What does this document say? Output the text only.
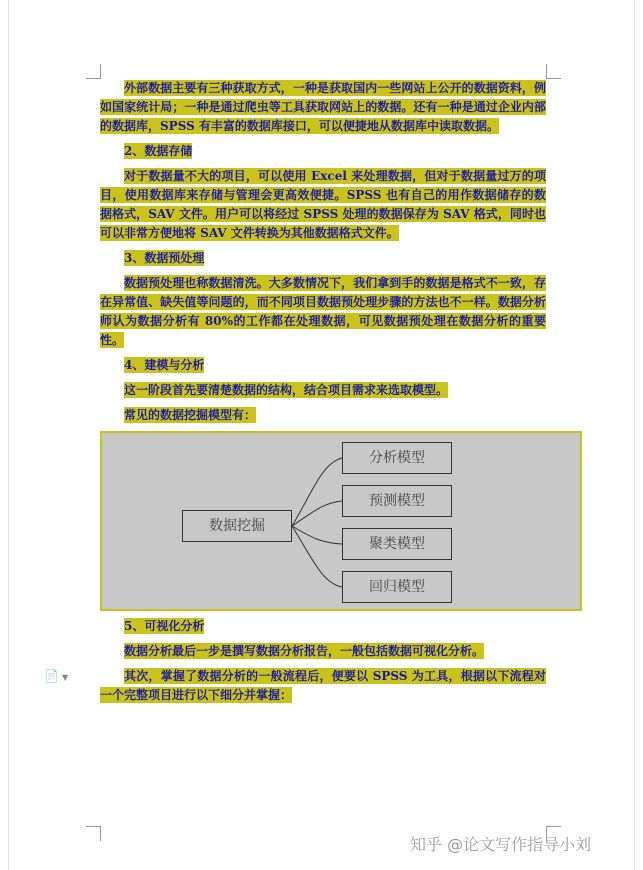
外部数据主要有三种获取方式，一种是获取国内一些网站上公开的数据资料，例如国家统计局；一种是通过爬虫等工具获取网站上的数据。还有一种是通过企业内部的数据库，SPSS 有丰富的数据库接口，可以便捷地从数据库中读取数据。

2、数据存储

对于数据量不大的项目，可以使用 Excel 来处理数据，但对于数据量过万的项目，使用数据库来存储与管理会更高效便捷。SPSS 也有自己的用作数据储存的数据格式，SAV 文件。用户可以将经过 SPSS 处理的数据保存为 SAV 格式，同时也可以非常方便地将 SAV 文件转换为其他数据格式文件。

3、数据预处理

数据预处理也称数据清洗。大多数情况下，我们拿到手的数据是格式不一致，存在异常值、缺失值等问题的，而不同项目数据预处理步骤的方法也不一样。数据分析师认为数据分析有 80%的工作都在处理数据，可见数据预处理在数据分析的重要性。

4、建模与分析

这一阶段首先要清楚数据的结构，结合项目需求来选取模型。

常见的数据挖掘模型有：

数据挖掘
分析模型
预测模型
聚类模型
回归模型

5、可视化分析

数据分析最后一步是撰写数据分析报告，一般包括数据可视化分析。

其次，掌握了数据分析的一般流程后，便要以 SPSS 为工具，根据以下流程对一个完整项目进行以下细分并掌握：

📄 ▼
知乎 @论文写作指导小刘
